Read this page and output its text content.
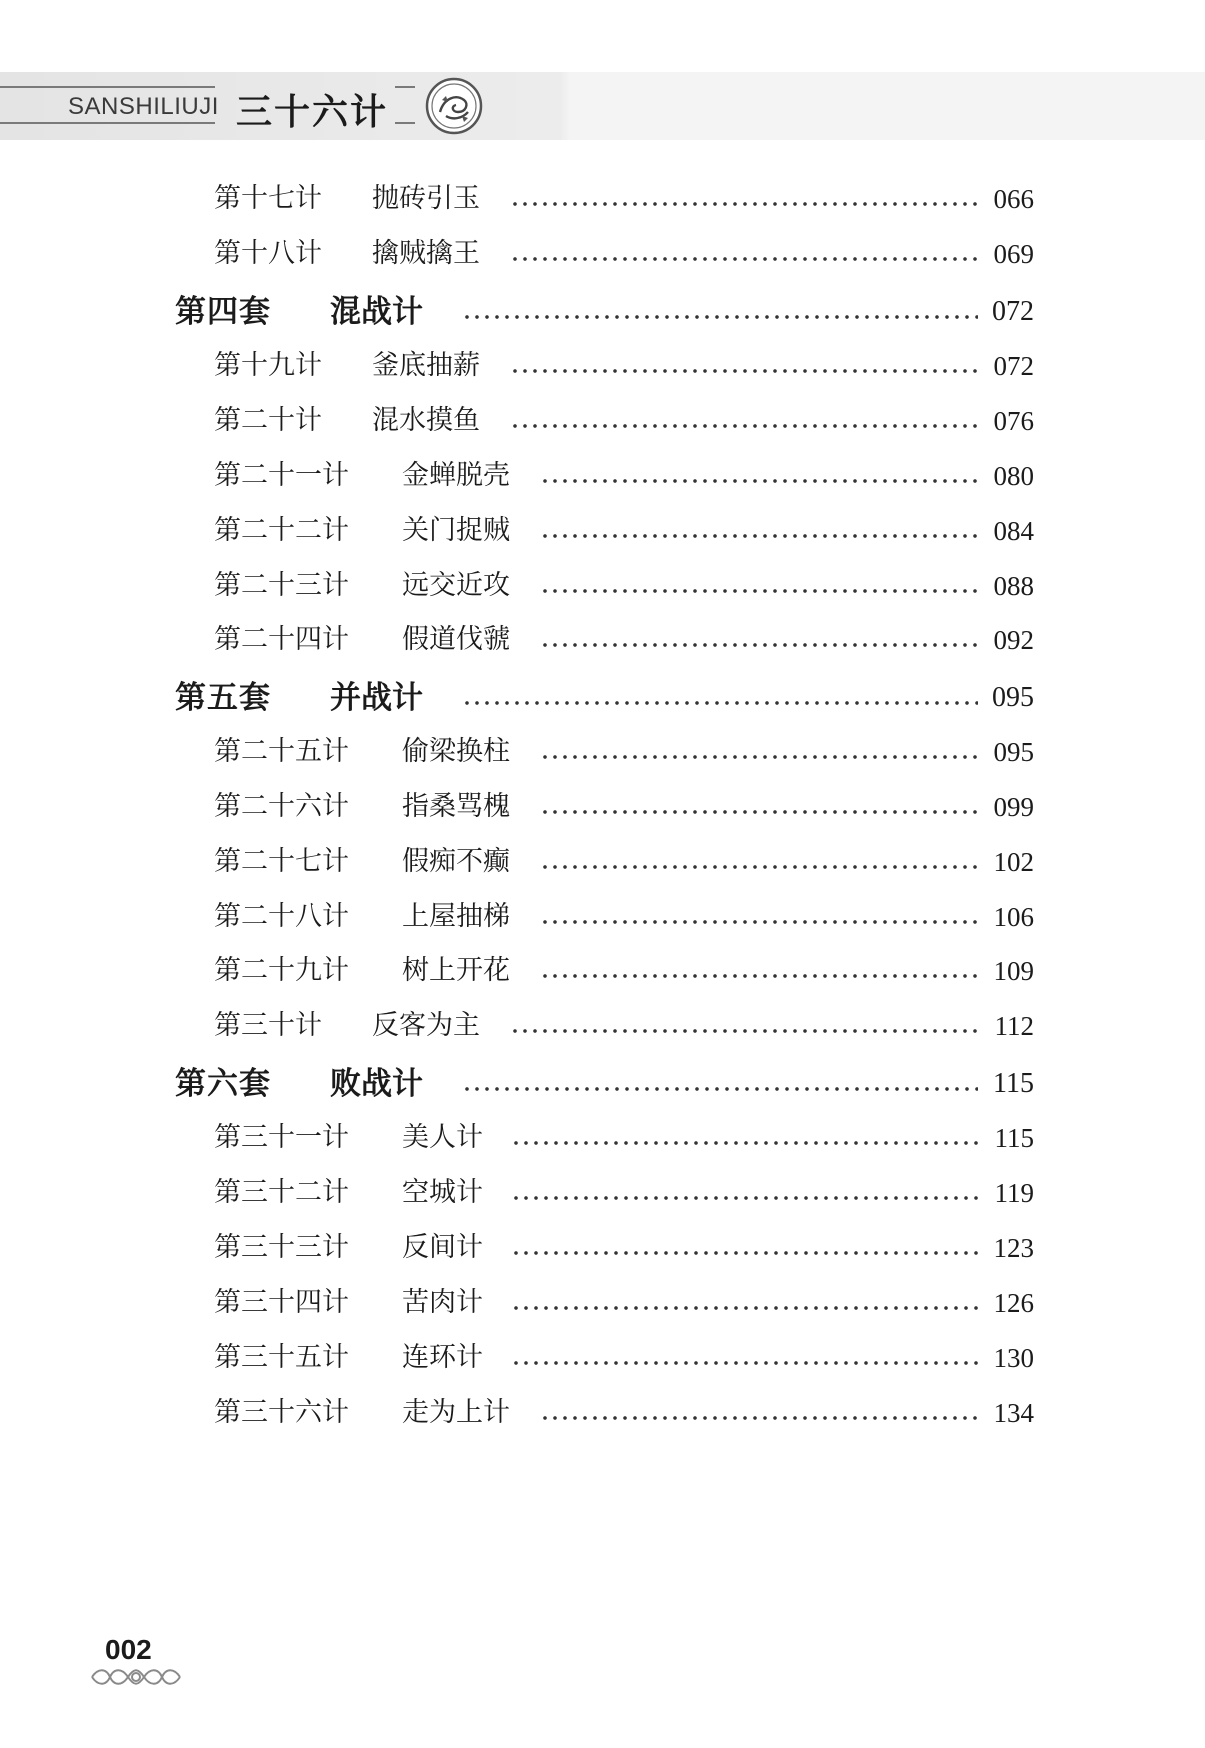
SANSHILIUJI 三十六计
第十七计 抛砖引玉	066
第十八计 擒贼擒王	069
第四套 混战计	072
第十九计 釜底抽薪	072
第二十计 混水摸鱼	076
第二十一计 金蝉脱壳	080
第二十二计 关门捉贼	084
第二十三计 远交近攻	088
第二十四计 假道伐虢	092
第五套 并战计	095
第二十五计 偷梁换柱	095
第二十六计 指桑骂槐	099
第二十七计 假痴不癫	102
第二十八计 上屋抽梯	106
第二十九计 树上开花	109
第三十计 反客为主	112
第六套 败战计	115
第三十一计 美人计	115
第三十二计 空城计	119
第三十三计 反间计	123
第三十四计 苦肉计	126
第三十五计 连环计	130
第三十六计 走为上计	134
002
